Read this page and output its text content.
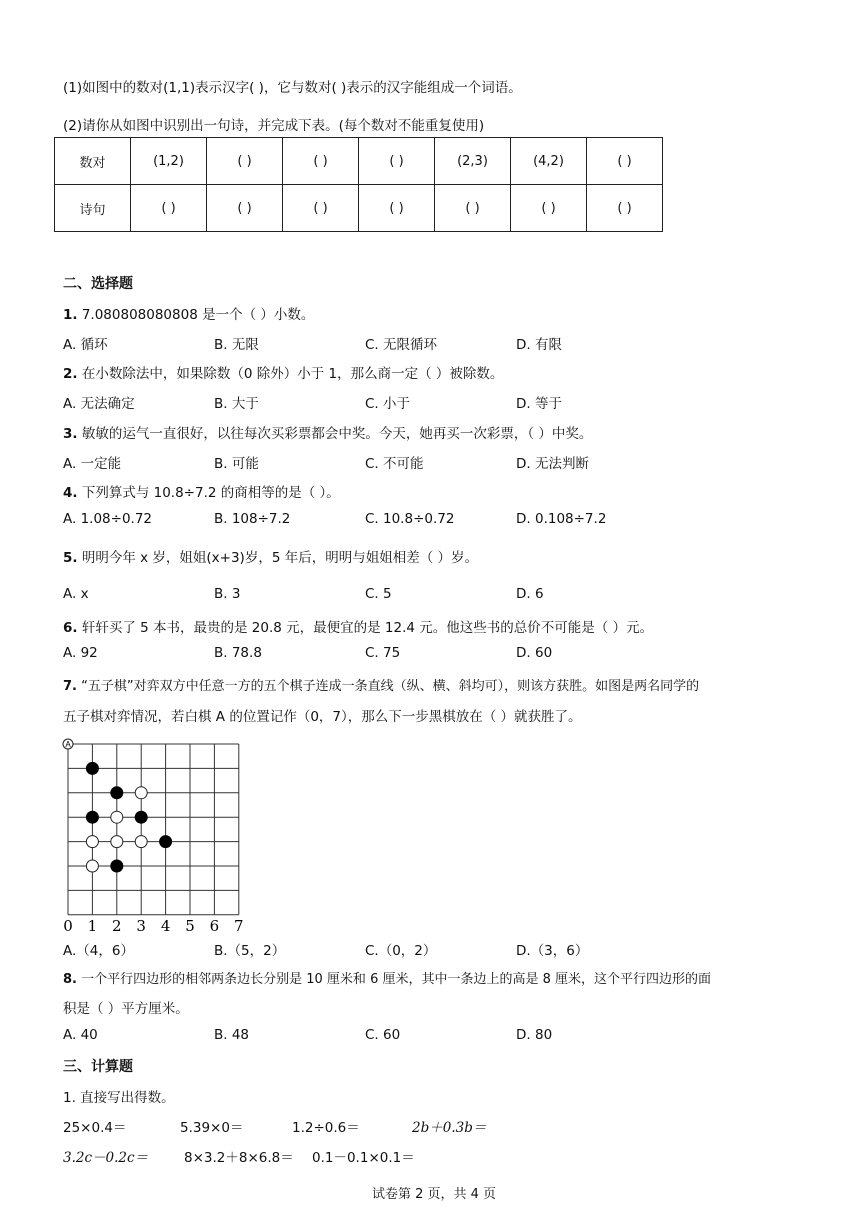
(1)如图中的数对(1,1)表示汉字( )，它与数对( )表示的汉字能组成一个词语。
(2)请你从如图中识别出一句诗，并完成下表。(每个数对不能重复使用)
数对	(1,2)	( )	( )	( )	(2,3)	(4,2)	( )
诗句	( )	( )	( )	( )	( )	( )	( )
二、选择题
1. 7.080808080808 是一个（ ）小数。
A. 循环	B. 无限	C. 无限循环	D. 有限
2. 在小数除法中，如果除数（0 除外）小于 1，那么商一定（ ）被除数。
A. 无法确定	B. 大于	C. 小于	D. 等于
3. 敏敏的运气一直很好，以往每次买彩票都会中奖。今天，她再买一次彩票，（ ）中奖。
A. 一定能	B. 可能	C. 不可能	D. 无法判断
4. 下列算式与 10.8÷7.2 的商相等的是（ ）。
A. 1.08÷0.72	B. 108÷7.2	C. 10.8÷0.72	D. 0.108÷7.2
5. 明明今年 x 岁，姐姐(x+3)岁，5 年后，明明与姐姐相差（ ）岁。
A. x	B. 3	C. 5	D. 6
6. 轩轩买了 5 本书，最贵的是 20.8 元，最便宜的是 12.4 元。他这些书的总价不可能是（ ）元。
A. 92	B. 78.8	C. 75	D. 60
7. “五子棋”对弈双方中任意一方的五个棋子连成一条直线（纵、横、斜均可），则该方获胜。如图是两名同学的
五子棋对弈情况，若白棋 A 的位置记作（0，7），那么下一步黑棋放在（ ）就获胜了。
0 1 2 3 4 5 6 7
A
A.（4，6）	B.（5，2）	C.（0，2）	D.（3，6）
8. 一个平行四边形的相邻两条边长分别是 10 厘米和 6 厘米，其中一条边上的高是 8 厘米，这个平行四边形的面
积是（ ）平方厘米。
A. 40	B. 48	C. 60	D. 80
三、计算题
1. 直接写出得数。
25×0.4＝	5.39×0＝	1.2÷0.6＝	2b＋0.3b＝
3.2c－0.2c＝	8×3.2＋8×6.8＝ 0.1－0.1×0.1＝
试卷第 2 页，共 4 页
